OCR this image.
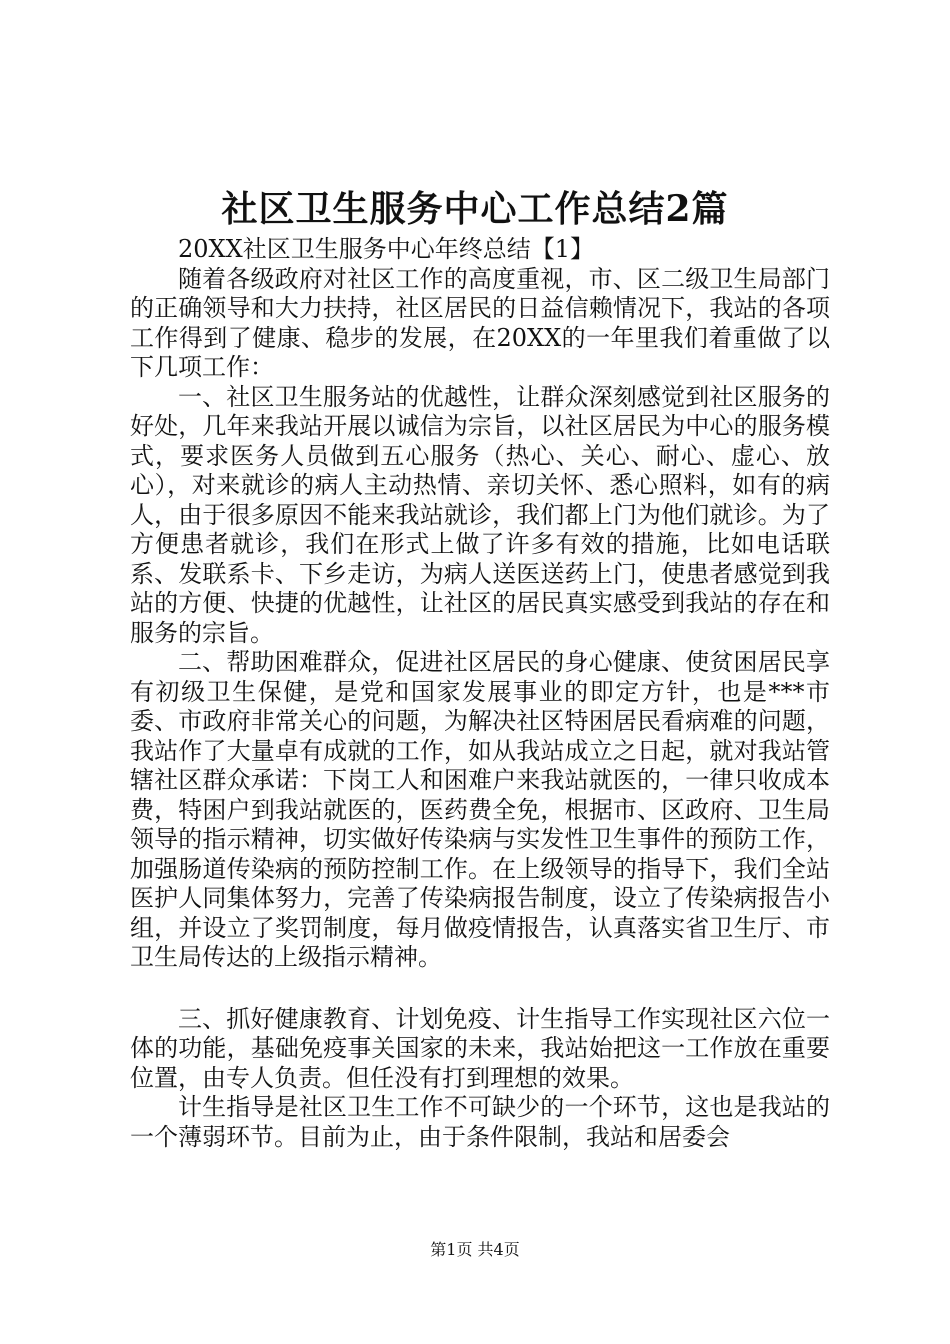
社区卫生服务中心工作总结2篇

20XX社区卫生服务中心年终总结【1】

随着各级政府对社区工作的高度重视，市、区二级卫生局部门的正确领导和大力扶持，社区居民的日益信赖情况下，我站的各项工作得到了健康、稳步的发展，在20XX的一年里我们着重做了以下几项工作：

一、社区卫生服务站的优越性，让群众深刻感觉到社区服务的好处，几年来我站开展以诚信为宗旨，以社区居民为中心的服务模式，要求医务人员做到五心服务（热心、关心、耐心、虚心、放心），对来就诊的病人主动热情、亲切关怀、悉心照料，如有的病人，由于很多原因不能来我站就诊，我们都上门为他们就诊。为了方便患者就诊，我们在形式上做了许多有效的措施，比如电话联系、发联系卡、下乡走访，为病人送医送药上门，使患者感觉到我站的方便、快捷的优越性，让社区的居民真实感受到我站的存在和服务的宗旨。

二、帮助困难群众，促进社区居民的身心健康、使贫困居民享有初级卫生保健，是党和国家发展事业的即定方针，也是***市委、市政府非常关心的问题，为解决社区特困居民看病难的问题，我站作了大量卓有成就的工作，如从我站成立之日起，就对我站管辖社区群众承诺：下岗工人和困难户来我站就医的，一律只收成本费，特困户到我站就医的，医药费全免，根据市、区政府、卫生局领导的指示精神，切实做好传染病与实发性卫生事件的预防工作，加强肠道传染病的预防控制工作。在上级领导的指导下，我们全站医护人同集体努力，完善了传染病报告制度，设立了传染病报告小组，并设立了奖罚制度，每月做疫情报告，认真落实省卫生厅、市卫生局传达的上级指示精神。

三、抓好健康教育、计划免疫、计生指导工作实现社区六位一体的功能，基础免疫事关国家的未来，我站始把这一工作放在重要位置，由专人负责。但任没有打到理想的效果。

计生指导是社区卫生工作不可缺少的一个环节，这也是我站的一个薄弱环节。目前为止，由于条件限制，我站和居委会

第1页 共4页
